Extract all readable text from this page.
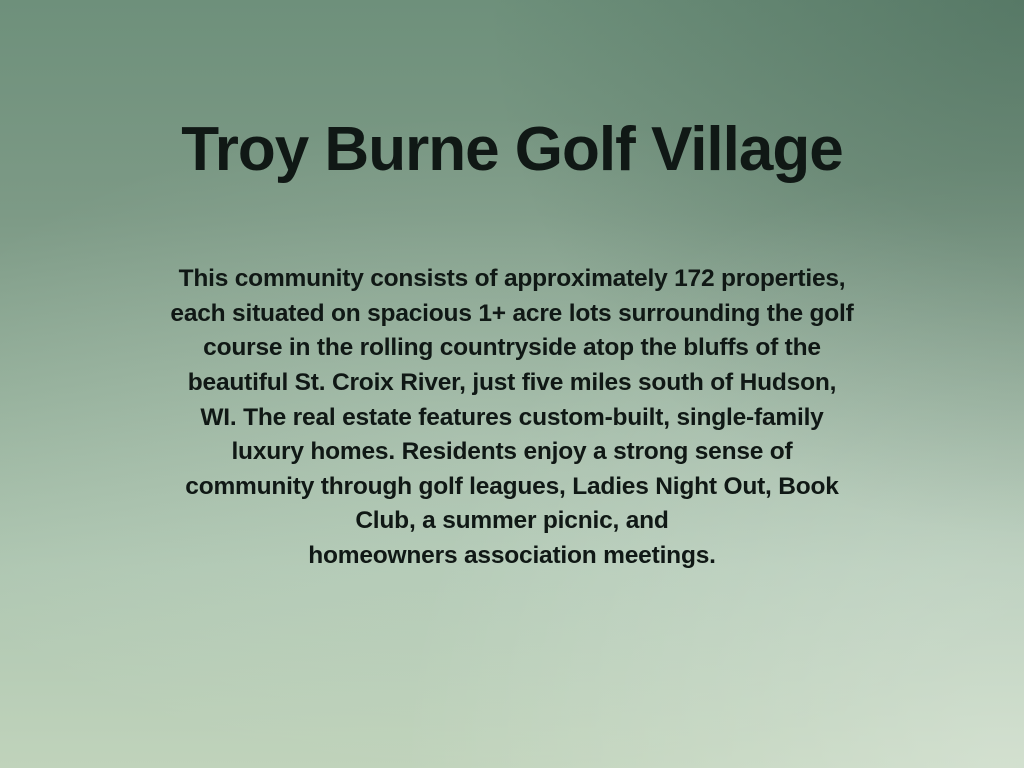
Troy Burne Golf Village
This community consists of approximately 172 properties,
each situated on spacious 1+ acre lots surrounding the golf
course in the rolling countryside atop the bluffs of the
beautiful St. Croix River, just five miles south of Hudson,
WI. The real estate features custom-built, single-family
luxury homes. Residents enjoy a strong sense of
community through golf leagues, Ladies Night Out, Book
Club, a summer picnic, and
homeowners association meetings.
